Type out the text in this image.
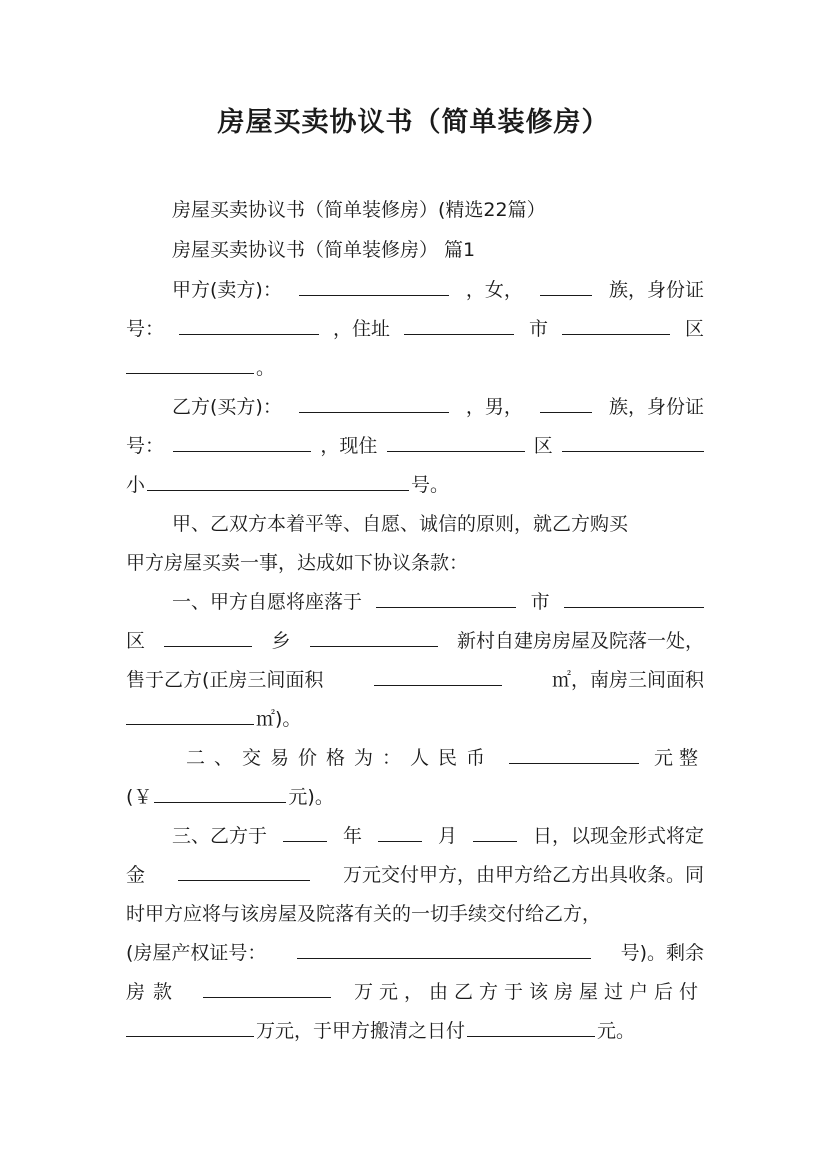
房屋买卖协议书（简单装修房）
房屋买卖协议书（简单装修房）(精选22篇）
房屋买卖协议书（简单装修房） 篇1
甲方(卖方)：	，女，	族，身份证
号：	，住址	市	区
。
乙方(买方)：	，男，	族，身份证
号：	，现住	区
小	号。
甲、乙双方本着平等、自愿、诚信的原则，就乙方购买
甲方房屋买卖一事，达成如下协议条款：
一、甲方自愿将座落于	市
区	乡	新村自建房房屋及院落一处，
售于乙方(正房三间面积	㎡，南房三间面积
㎡)。
二、交易价格为：人民币	元整
(￥	元)。
三、乙方于	年	月	日，以现金形式将定
金	万元交付甲方，由甲方给乙方出具收条。同
时甲方应将与该房屋及院落有关的一切手续交付给乙方，
(房屋产权证号：	号)。剩余
房款	万元，由乙方于该房屋过户后付
万元，于甲方搬清之日付	元。
